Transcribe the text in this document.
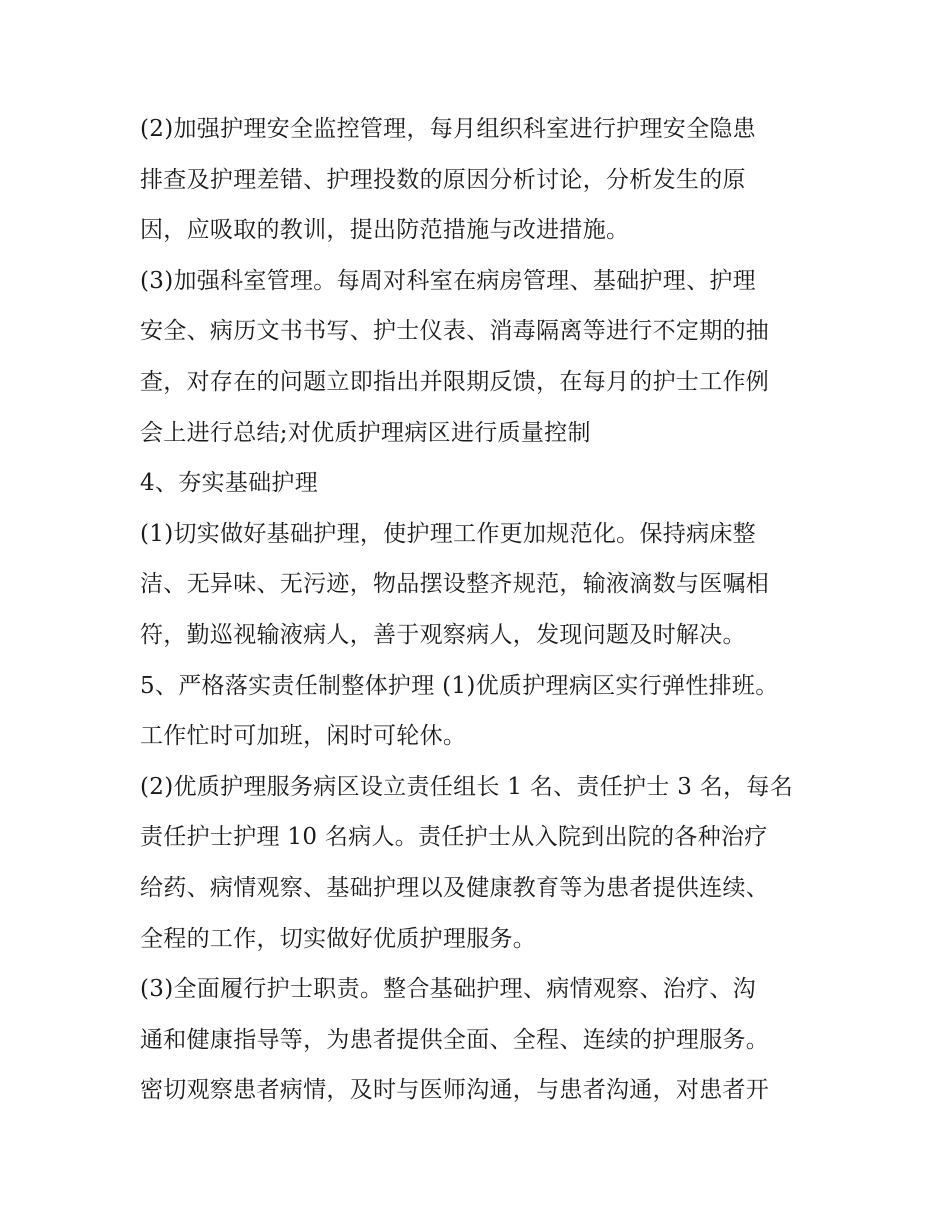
(2)加强护理安全监控管理，每月组织科室进行护理安全隐患
排查及护理差错、护理投数的原因分析讨论，分析发生的原
因，应吸取的教训，提出防范措施与改进措施。
(3)加强科室管理。每周对科室在病房管理、基础护理、护理
安全、病历文书书写、护士仪表、消毒隔离等进行不定期的抽
查，对存在的问题立即指出并限期反馈，在每月的护士工作例
会上进行总结;对优质护理病区进行质量控制
4、夯实基础护理
(1)切实做好基础护理，使护理工作更加规范化。保持病床整
洁、无异味、无污迹，物品摆设整齐规范，输液滴数与医嘱相
符，勤巡视输液病人，善于观察病人，发现问题及时解决。
5、严格落实责任制整体护理 (1)优质护理病区实行弹性排班。
工作忙时可加班，闲时可轮休。
(2)优质护理服务病区设立责任组长 1 名、责任护士 3 名，每名
责任护士护理 10 名病人。责任护士从入院到出院的各种治疗
给药、病情观察、基础护理以及健康教育等为患者提供连续、
全程的工作，切实做好优质护理服务。
(3)全面履行护士职责。整合基础护理、病情观察、治疗、沟
通和健康指导等，为患者提供全面、全程、连续的护理服务。
密切观察患者病情，及时与医师沟通，与患者沟通，对患者开
